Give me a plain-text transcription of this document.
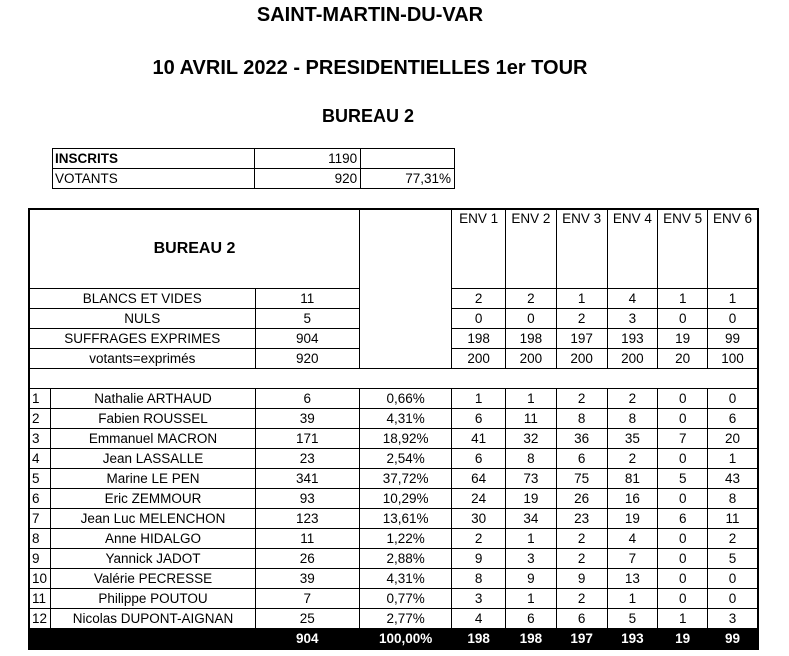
SAINT-MARTIN-DU-VAR
10 AVRIL 2022 - PRESIDENTIELLES 1er TOUR
BUREAU 2
INSCRITS	1190	
VOTANTS	920	77,31%
BUREAU 2				ENV 1	ENV 2	ENV 3	ENV 4	ENV 5	ENV 6
BLANCS ET VIDES		11		2	2	1	4	1	1
NULS		5		0	0	2	3	0	0
SUFFRAGES EXPRIMES		904		198	198	197	193	19	99
votants=exprimés		920		200	200	200	200	20	100

1	Nathalie ARTHAUD	6	0,66%	1	1	2	2	0	0
2	Fabien ROUSSEL	39	4,31%	6	11	8	8	0	6
3	Emmanuel MACRON	171	18,92%	41	32	36	35	7	20
4	Jean LASSALLE	23	2,54%	6	8	6	2	0	1
5	Marine LE PEN	341	37,72%	64	73	75	81	5	43
6	Eric ZEMMOUR	93	10,29%	24	19	26	16	0	8
7	Jean Luc MELENCHON	123	13,61%	30	34	23	19	6	11
8	Anne HIDALGO	11	1,22%	2	1	2	4	0	2
9	Yannick JADOT	26	2,88%	9	3	2	7	0	5
10	Valérie PECRESSE	39	4,31%	8	9	9	13	0	0
11	Philippe POUTOU	7	0,77%	3	1	2	1	0	0
12	Nicolas DUPONT-AIGNAN	25	2,77%	4	6	6	5	1	3
		904	100,00%	198	198	197	193	19	99
